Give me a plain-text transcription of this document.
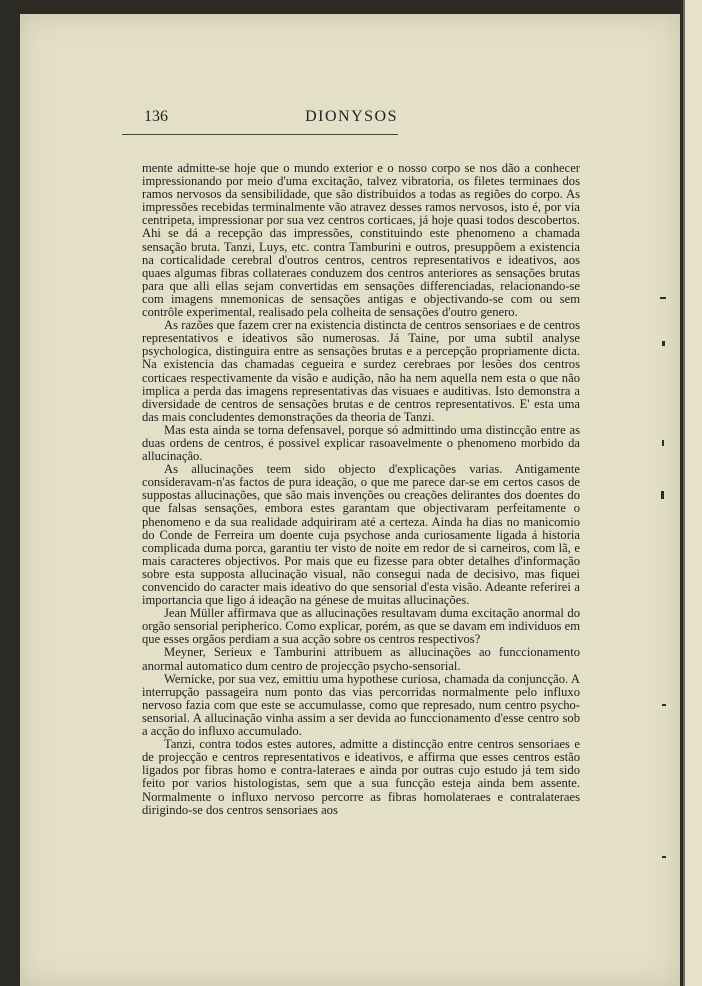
136	DIONYSOS

mente admitte-se hoje que o mundo exterior e o nosso corpo se nos dão a conhecer impressionando por meio d'uma excitação, talvez vibratoria, os filetes terminaes dos ramos nervosos da sensibilidade, que são distribuidos a todas as regiões do corpo. As impressões recebidas terminalmente vão atravez desses ramos nervosos, isto é, por via centripeta, impressionar por sua vez centros corticaes, já hoje quasi todos descobertos. Ahi se dá a recepção das impressões, constituindo este phenomeno a chamada sensação bruta. Tanzi, Luys, etc. contra Tamburini e outros, presuppõem a existencia na corticalidade cerebral d'outros centros, centros representativos e ideativos, aos quaes algumas fibras collateraes conduzem dos centros anteriores as sensações brutas para que alli ellas sejam convertidas em sensações differenciadas, relacionando-se com imagens mnemonicas de sensações antigas e objectivando-se com ou sem contrôle experimental, realisado pela colheita de sensações d'outro genero.

As razões que fazem crer na existencia distincta de centros sensoriaes e de centros representativos e ideativos são numerosas. Já Taine, por uma subtil analyse psychologica, distinguira entre as sensações brutas e a percepção propriamente dicta. Na existencia das chamadas cegueira e surdez cerebraes por lesões dos centros corticaes respectivamente da visão e audição, não ha nem aquella nem esta o que não implica a perda das imagens representativas das visuaes e auditivas. Isto demonstra a diversidade de centros de sensações brutas e de centros representativos. E' esta uma das mais concludentes demonstrações da theoria de Tanzi.

Mas esta ainda se torna defensavel, porque só admittindo uma distincção entre as duas ordens de centros, é possivel explicar rasoavelmente o phenomeno morbido da allucinação.

As allucinações teem sido objecto d'explicações varias. Antigamente consideravam-n'as factos de pura ideação, o que me parece dar-se em certos casos de suppostas allucinações, que são mais invenções ou creações delirantes dos doentes do que falsas sensações, embora estes garantam que objectivaram perfeitamente o phenomeno e da sua realidade adquiriram até a certeza. Ainda ha dias no manicomio do Conde de Ferreira um doente cuja psychose anda curiosamente ligada á historia complicada duma porca, garantiu ter visto de noite em redor de si carneiros, com lã, e mais caracteres objectivos. Por mais que eu fizesse para obter detalhes d'informação sobre esta supposta allucinação visual, não consegui nada de decisivo, mas fiquei convencido do caracter mais ideativo do que sensorial d'esta visão. Adeante referirei a importancia que ligo á ideação na génese de muitas allucinações.

Jean Müller affirmava que as allucinações resultavam duma excitação anormal do orgão sensorial peripherico. Como explicar, porém, as que se davam em individuos em que esses orgãos perdiam a sua acção sobre os centros respectivos?

Meyner, Serieux e Tamburini attribuem as allucinações ao funccionamento anormal automatico dum centro de projecção psycho-sensorial.

Wernicke, por sua vez, emittiu uma hypothese curiosa, chamada da conjuncção. A interrupção passageira num ponto das vias percorridas normalmente pelo influxo nervoso fazia com que este se accumulasse, como que represado, num centro psycho-sensorial. A allucinação vinha assim a ser devida ao funccionamento d'esse centro sob a acção do influxo accumulado.

Tanzi, contra todos estes autores, admitte a distincção entre centros sensoriaes e de projecção e centros representativos e ideativos, e affirma que esses centros estão ligados por fibras homo e contra-lateraes e ainda por outras cujo estudo já tem sido feito por varios histologistas, sem que a sua funcção esteja ainda bem assente. Normalmente o influxo nervoso percorre as fibras homolateraes e contralateraes dirigindo-se dos centros sensoriaes aos
